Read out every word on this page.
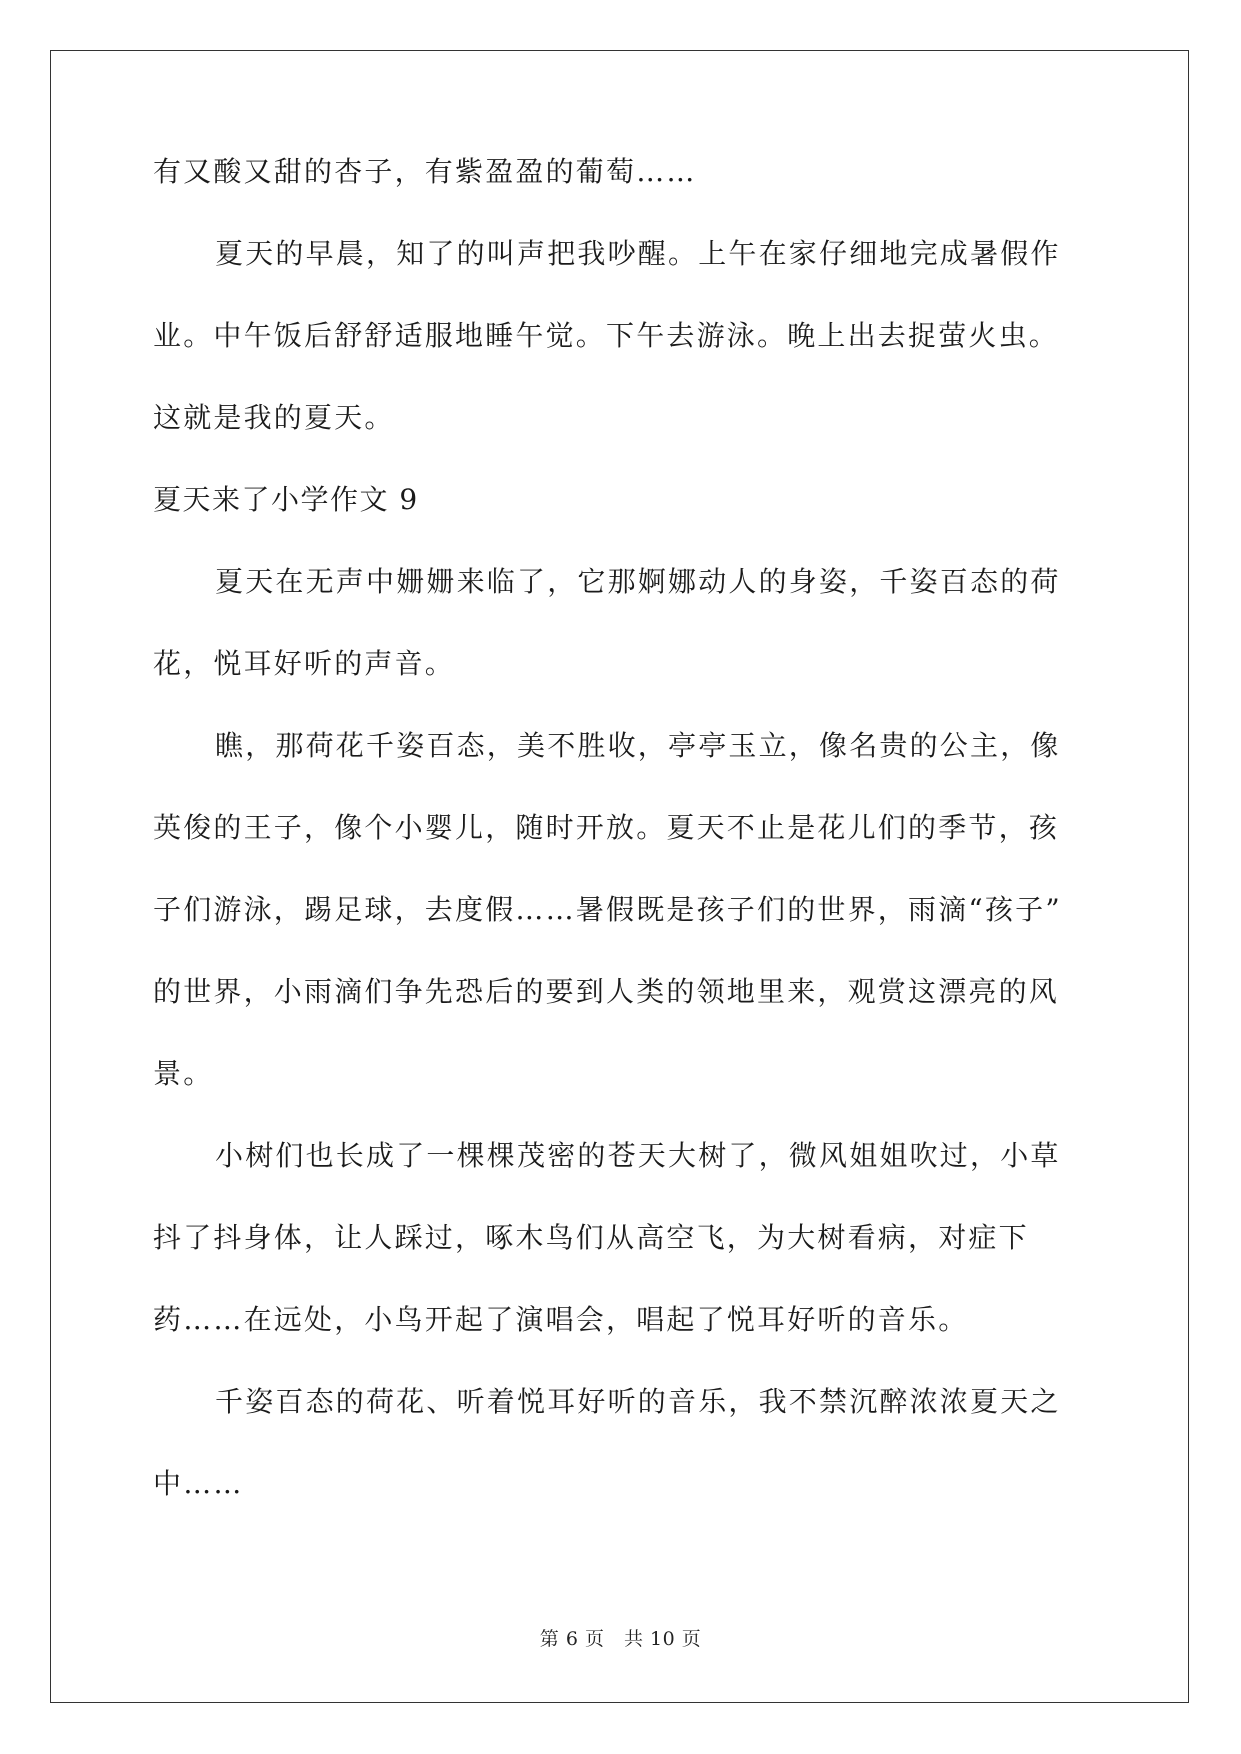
有又酸又甜的杏子，有紫盈盈的葡萄……
夏天的早晨，知了的叫声把我吵醒。上午在家仔细地完成暑假作
业。中午饭后舒舒适服地睡午觉。下午去游泳。晚上出去捉萤火虫。
这就是我的夏天。
夏天来了小学作文 9
夏天在无声中姗姗来临了，它那婀娜动人的身姿，千姿百态的荷
花，悦耳好听的声音。
瞧，那荷花千姿百态，美不胜收，亭亭玉立，像名贵的公主，像
英俊的王子，像个小婴儿，随时开放。夏天不止是花儿们的季节，孩
子们游泳，踢足球，去度假……暑假既是孩子们的世界，雨滴“孩子”
的世界，小雨滴们争先恐后的要到人类的领地里来，观赏这漂亮的风
景。
小树们也长成了一棵棵茂密的苍天大树了，微风姐姐吹过，小草
抖了抖身体，让人踩过，啄木鸟们从高空飞，为大树看病，对症下
药……在远处，小鸟开起了演唱会，唱起了悦耳好听的音乐。
千姿百态的荷花、听着悦耳好听的音乐，我不禁沉醉浓浓夏天之
中……
第 6 页　共 10 页
